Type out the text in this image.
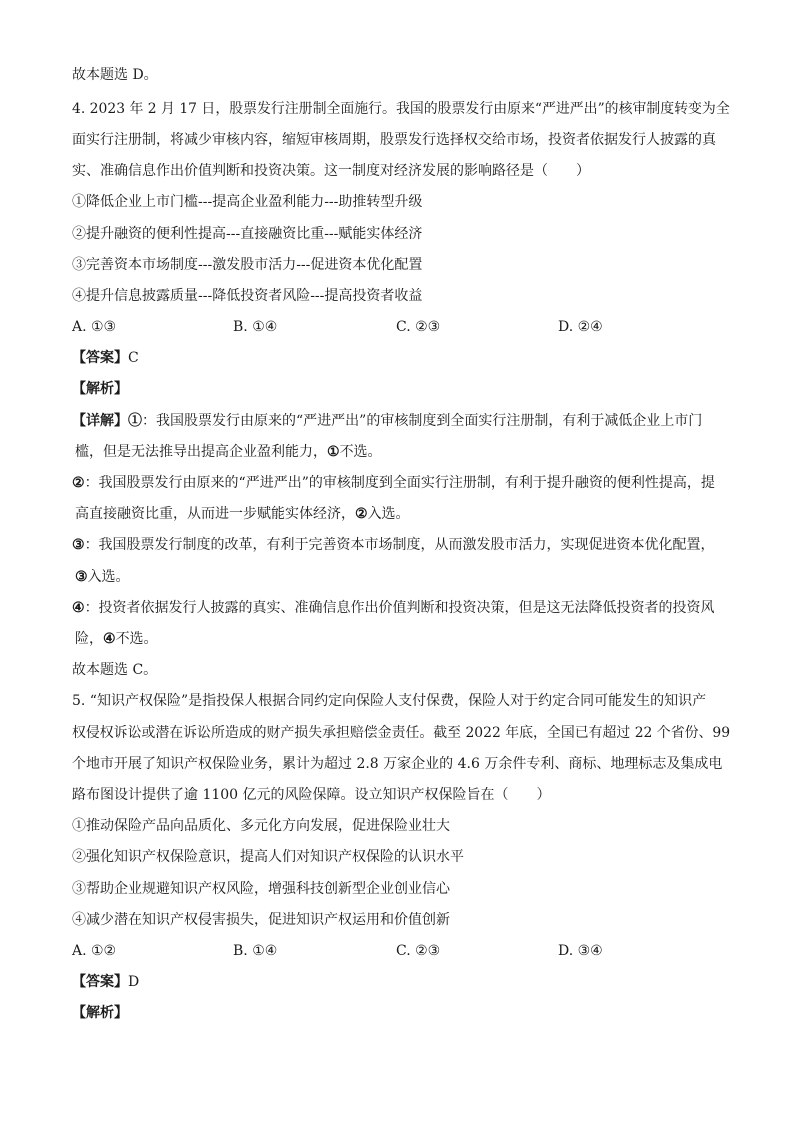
故本题选 D。
4. 2023 年 2 月 17 日，股票发行注册制全面施行。我国的股票发行由原来“严进严出”的核审制度转变为全
面实行注册制，将减少审核内容，缩短审核周期，股票发行选择权交给市场，投资者依据发行人披露的真
实、准确信息作出价值判断和投资决策。这一制度对经济发展的影响路径是（　　）
①降低企业上市门槛---提高企业盈利能力---助推转型升级
②提升融资的便利性提高---直接融资比重---赋能实体经济
③完善资本市场制度---激发股市活力---促进资本优化配置
④提升信息披露质量---降低投资者风险---提高投资者收益
A. ①③	B. ①④	C. ②③	D. ②④
【答案】C
【解析】
【详解】①：我国股票发行由原来的“严进严出”的审核制度到全面实行注册制，有利于减低企业上市门
槛，但是无法推导出提高企业盈利能力，①不选。
②：我国股票发行由原来的“严进严出”的审核制度到全面实行注册制，有利于提升融资的便利性提高，提
高直接融资比重，从而进一步赋能实体经济，②入选。
③：我国股票发行制度的改革，有利于完善资本市场制度，从而激发股市活力，实现促进资本优化配置，
③入选。
④：投资者依据发行人披露的真实、准确信息作出价值判断和投资决策，但是这无法降低投资者的投资风
险，④不选。
故本题选 C。
5. “知识产权保险”是指投保人根据合同约定向保险人支付保费，保险人对于约定合同可能发生的知识产
权侵权诉讼或潜在诉讼所造成的财产损失承担赔偿金责任。截至 2022 年底，全国已有超过 22 个省份、99
个地市开展了知识产权保险业务，累计为超过 2.8 万家企业的 4.6 万余件专利、商标、地理标志及集成电
路布图设计提供了逾 1100 亿元的风险保障。设立知识产权保险旨在（　　）
①推动保险产品向品质化、多元化方向发展，促进保险业壮大
②强化知识产权保险意识，提高人们对知识产权保险的认识水平
③帮助企业规避知识产权风险，增强科技创新型企业创业信心
④减少潜在知识产权侵害损失，促进知识产权运用和价值创新
A. ①②	B. ①④	C. ②③	D. ③④
【答案】D
【解析】
